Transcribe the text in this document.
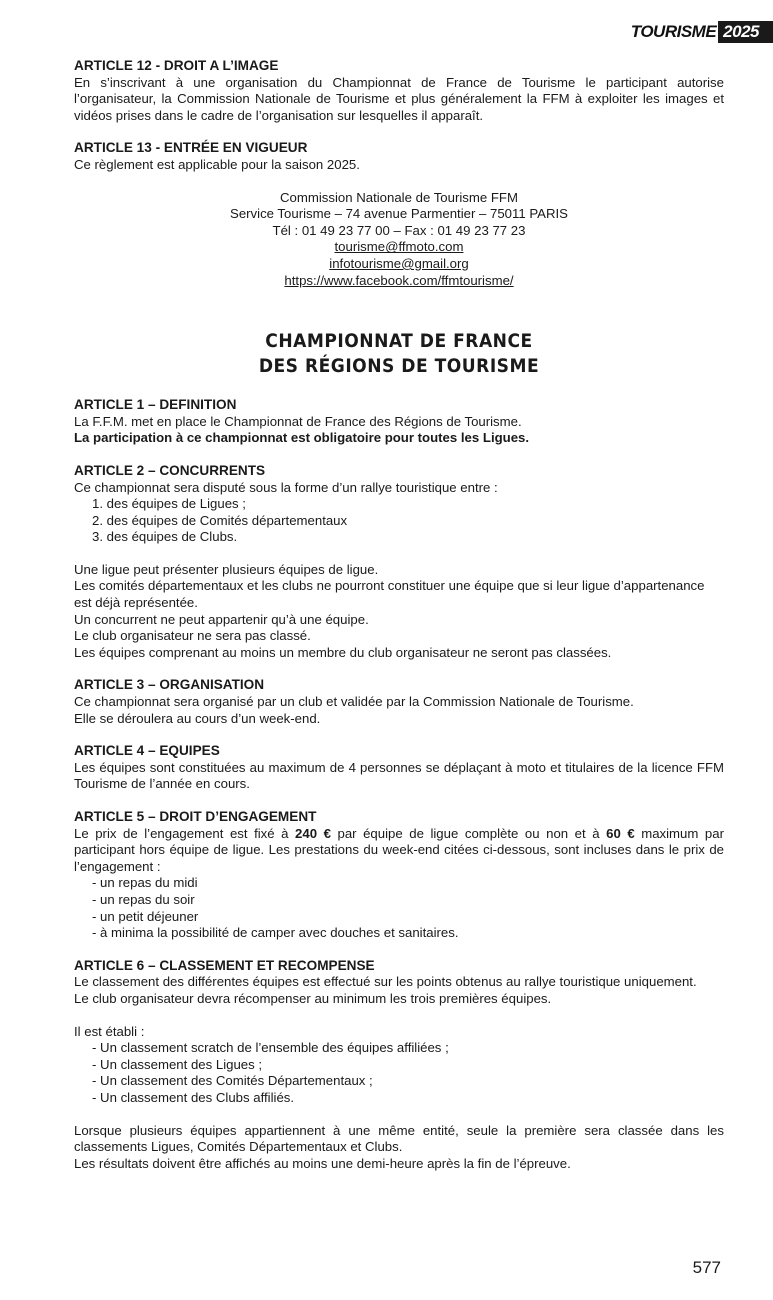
TOURISME 2025
ARTICLE 12 - DROIT A L’IMAGE

En s’inscrivant à une organisation du Championnat de France de Tourisme le participant autorise l’organisateur, la Commission Nationale de Tourisme et plus généralement la FFM à exploiter les images et vidéos prises dans le cadre de l’organisation sur lesquelles il apparaît.

ARTICLE 13 - ENTRÉE EN VIGUEUR

Ce règlement est applicable pour la saison 2025.

Commission Nationale de Tourisme FFM
Service Tourisme – 74 avenue Parmentier – 75011 PARIS
Tél : 01 49 23 77 00 – Fax : 01 49 23 77 23
tourisme@ffmoto.com
infotourisme@gmail.org
https://www.facebook.com/ffmtourisme/
CHAMPIONNAT DE FRANCE
DES RÉGIONS DE TOURISME
ARTICLE 1 – DEFINITION

La F.F.M. met en place le Championnat de France des Régions de Tourisme.

La participation à ce championnat est obligatoire pour toutes les Ligues.

ARTICLE 2 – CONCURRENTS

Ce championnat sera disputé sous la forme d’un rallye touristique entre :

1. des équipes de Ligues ;
2. des équipes de Comités départementaux
3. des équipes de Clubs.

Une ligue peut présenter plusieurs équipes de ligue.

Les comités départementaux et les clubs ne pourront constituer une équipe que si leur ligue d’appartenance est déjà représentée.

Un concurrent ne peut appartenir qu’à une équipe.

Le club organisateur ne sera pas classé.

Les équipes comprenant au moins un membre du club organisateur ne seront pas classées.

ARTICLE 3 – ORGANISATION

Ce championnat sera organisé par un club et validée par la Commission Nationale de Tourisme.

Elle se déroulera au cours d’un week-end.

ARTICLE 4 – EQUIPES

Les équipes sont constituées au maximum de 4 personnes se déplaçant à moto et titulaires de la licence FFM Tourisme de l’année en cours.

ARTICLE 5 – DROIT D’ENGAGEMENT

Le prix de l’engagement est fixé à 240 € par équipe de ligue complète ou non et à 60 € maximum par participant hors équipe de ligue. Les prestations du week-end citées ci-dessous, sont incluses dans le prix de l’engagement :

- un repas du midi
- un repas du soir
- un petit déjeuner
- à minima la possibilité de camper avec douches et sanitaires.
ARTICLE 6 – CLASSEMENT ET RECOMPENSE

Le classement des différentes équipes est effectué sur les points obtenus au rallye touristique uniquement.

Le club organisateur devra récompenser au minimum les trois premières équipes.

Il est établi :

- Un classement scratch de l’ensemble des équipes affiliées ;
- Un classement des Ligues ;
- Un classement des Comités Départementaux ;
- Un classement des Clubs affiliés.

Lorsque plusieurs équipes appartiennent à une même entité, seule la première sera classée dans les classements Ligues, Comités Départementaux et Clubs.

Les résultats doivent être affichés au moins une demi-heure après la fin de l’épreuve.

577
